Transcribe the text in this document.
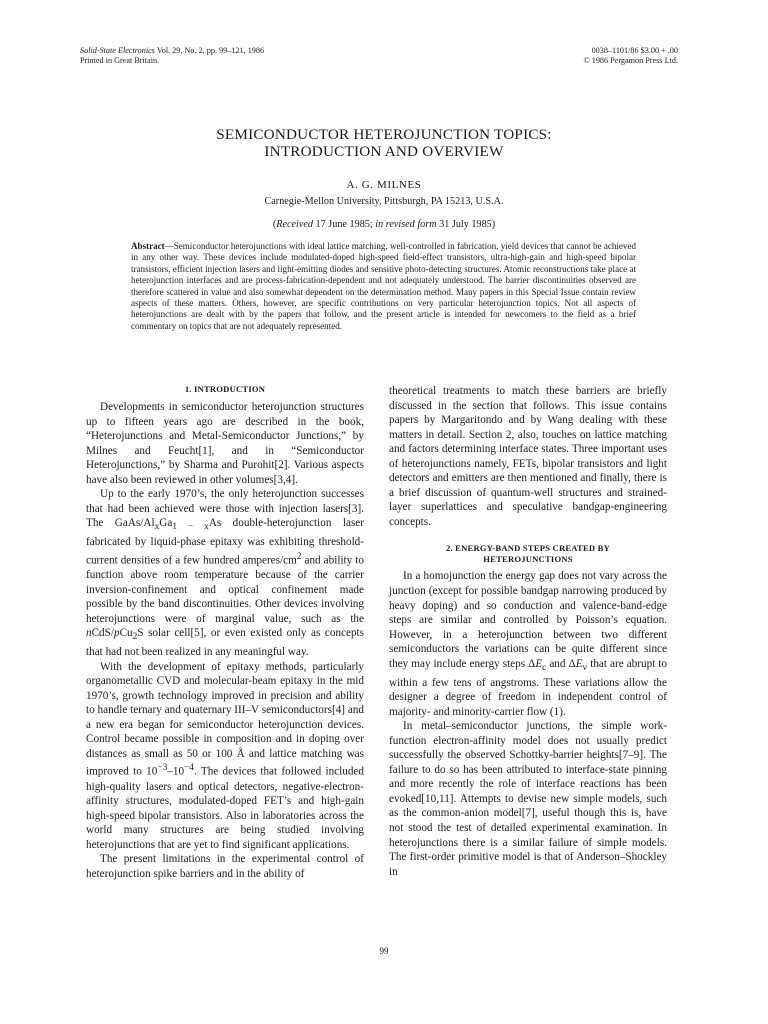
Solid-State Electronics Vol. 29, No. 2, pp. 99–121, 1986
Printed in Great Britain.
0038–1101/86 $3.00 + .00
© 1986 Pergamon Press Ltd.
SEMICONDUCTOR HETEROJUNCTION TOPICS:
INTRODUCTION AND OVERVIEW
A. G. MILNES
Carnegie-Mellon University, Pittsburgh, PA 15213, U.S.A.
(Received 17 June 1985; in revised form 31 July 1985)
Abstract—Semiconductor heterojunctions with ideal lattice matching, well-controlled in fabrication, yield devices that cannot be achieved in any other way. These devices include modulated-doped high-speed field-effect transistors, ultra-high-gain and high-speed bipolar transistors, efficient injection lasers and light-emitting diodes and sensitive photo-detecting structures. Atomic reconstructions take place at heterojunction interfaces and are process-fabrication-dependent and not adequately understood. The barrier discontinuities observed are therefore scattered in value and also somewhat dependent on the determination method. Many papers in this Special Issue contain review aspects of these matters. Others, however, are specific contributions on very particular heterojunction topics. Not all aspects of heterojunctions are dealt with by the papers that follow, and the present article is intended for newcomers to the field as a brief commentary on topics that are not adequately represented.
1. INTRODUCTION

Developments in semiconductor heterojunction structures up to fifteen years ago are described in the book, “Heterojunctions and Metal-Semiconductor Junctions,” by Milnes and Feucht[1], and in “Semiconductor Heterojunctions,” by Sharma and Purohit[2]. Various aspects have also been reviewed in other volumes[3,4].

Up to the early 1970’s, the only heterojunction successes that had been achieved were those with injection lasers[3]. The GaAs/$Al_xGa_{1 - x}As$ double-heterojunction laser fabricated by liquid-phase epitaxy was exhibiting threshold-current densities of a few hundred amperes/$cm^2$ and ability to function above room temperature because of the carrier inversion-confinement and optical confinement made possible by the band discontinuities. Other devices involving heterojunctions were of marginal value, such as the nCdS/pCu$_2$S solar cell[5], or even existed only as concepts that had not been realized in any meaningful way.

With the development of epitaxy methods, particularly organometallic CVD and molecular-beam epitaxy in the mid 1970’s, growth technology improved in precision and ability to handle ternary and quaternary III–V semiconductors[4] and a new era began for semiconductor heterojunction devices. Control became possible in composition and in doping over distances as small as 50 or 100 Å and lattice matching was improved to $10^{-3}-10^{-4}$. The devices that followed included high-quality lasers and optical detectors, negative-electron-affinity structures, modulated-doped FET’s and high-gain high-speed bipolar transistors. Also in laboratories across the world many structures are being studied involving heterojunctions that are yet to find significant applications.

The present limitations in the experimental control of heterojunction spike barriers and in the ability of

theoretical treatments to match these barriers are briefly discussed in the section that follows. This issue contains papers by Margaritondo and by Wang dealing with these matters in detail. Section 2, also, touches on lattice matching and factors determining interface states. Three important uses of heterojunctions namely, FETs, bipolar transistors and light detectors and emitters are then mentioned and finally, there is a brief discussion of quantum-well structures and strained-layer superlattices and speculative bandgap-engineering concepts.

2. ENERGY-BAND STEPS CREATED BY
HETEROJUNCTIONS

In a homojunction the energy gap does not vary across the junction (except for possible bandgap narrowing produced by heavy doping) and so conduction and valence-band-edge steps are similar and controlled by Poisson’s equation. However, in a heterojunction between two different semiconductors the variations can be quite different since they may include energy steps $\Delta E_c$ and $\Delta E_v$ that are abrupt to within a few tens of angstroms. These variations allow the designer a degree of freedom in independent control of majority- and minority-carrier flow (1).

In metal–semiconductor junctions, the simple work-function electron-affinity model does not usually predict successfully the observed Schottky-barrier heights[7–9]. The failure to do so has been attributed to interface-state pinning and more recently the role of interface reactions has been evoked[10,11]. Attempts to devise new simple models, such as the common-anion model[7], useful though this is, have not stood the test of detailed experimental examination. In heterojunctions there is a similar failure of simple models. The first-order primitive model is that of Anderson–Shockley in

99
